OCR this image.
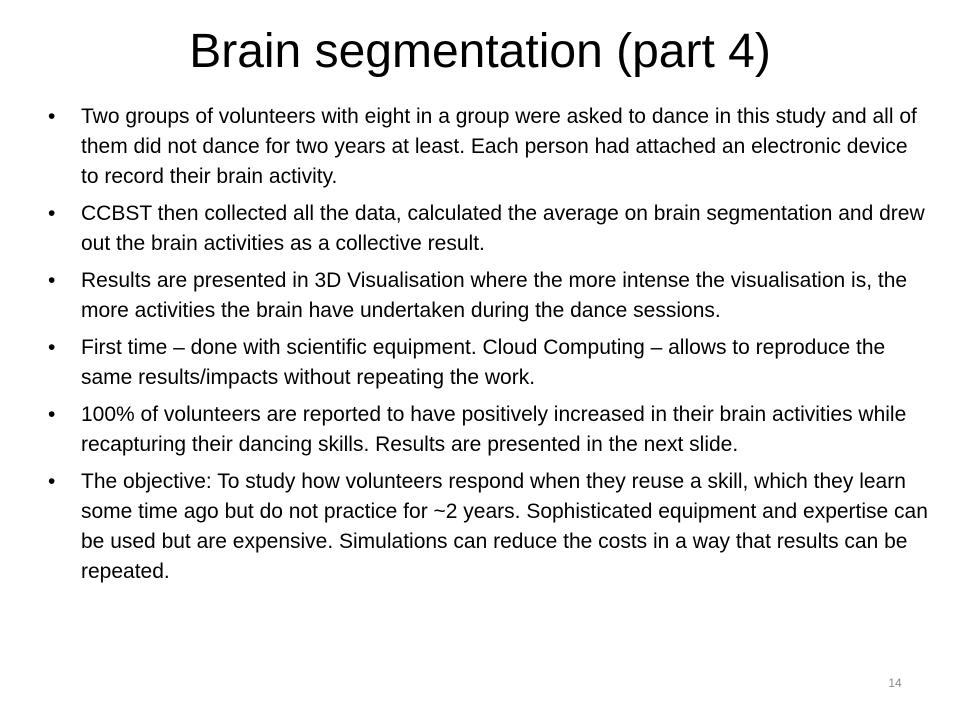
Brain segmentation (part 4)
•	Two groups of volunteers with eight in a group were asked to dance in this study and all of them did not dance for two years at least. Each person had attached an electronic device to record their brain activity.
•	CCBST then collected all the data, calculated the average on brain segmentation and drew out the brain activities as a collective result.
•	Results are presented in 3D Visualisation where the more intense the visualisation is, the more activities the brain have undertaken during the dance sessions.
•	First time – done with scientific equipment. Cloud Computing – allows to reproduce the same results/impacts without repeating the work.
•	100% of volunteers are reported to have positively increased in their brain activities while recapturing their dancing skills. Results are presented in the next slide.
•	The objective: To study how volunteers respond when they reuse a skill, which they learn some time ago but do not practice for ~2 years. Sophisticated equipment and expertise can be used but are expensive. Simulations can reduce the costs in a way that results can be repeated.
14
